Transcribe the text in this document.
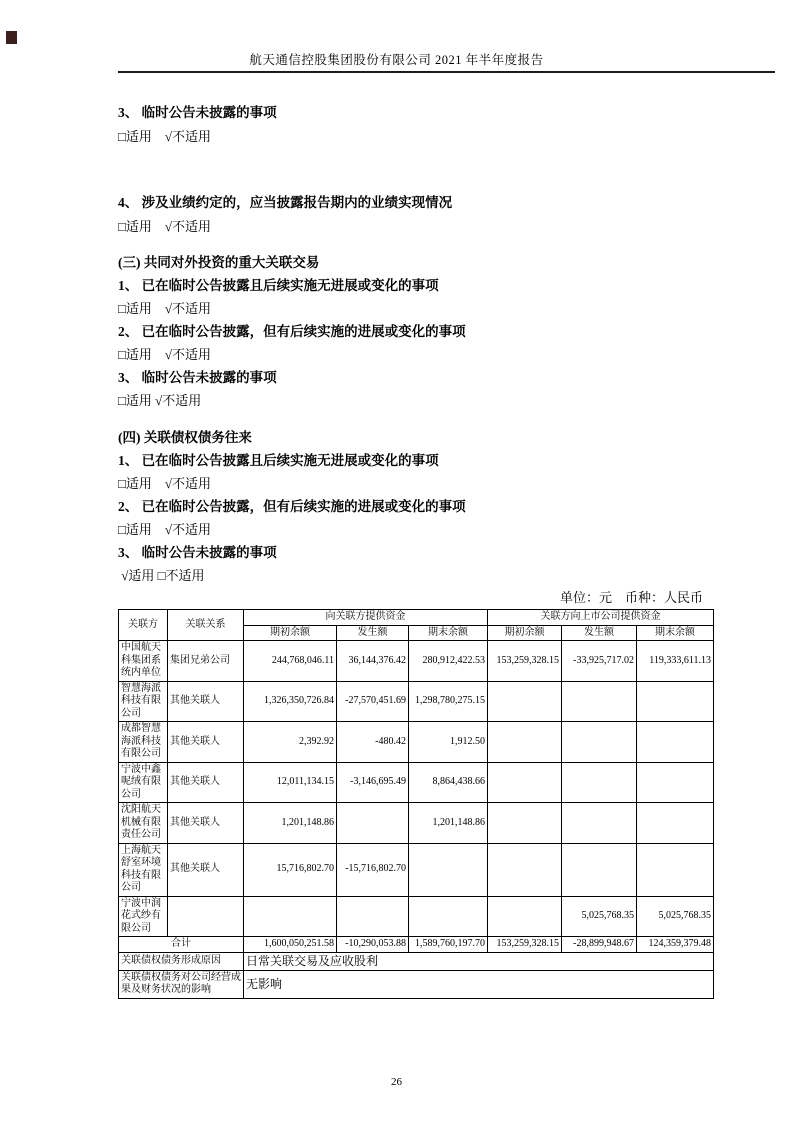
航天通信控股集团股份有限公司 2021 年半年度报告
3、 临时公告未披露的事项
□适用　√不适用
4、 涉及业绩约定的，应当披露报告期内的业绩实现情况
□适用　√不适用
(三) 共同对外投资的重大关联交易
1、 已在临时公告披露且后续实施无进展或变化的事项
□适用　√不适用
2、 已在临时公告披露，但有后续实施的进展或变化的事项
□适用　√不适用
3、 临时公告未披露的事项
□适用 √不适用
(四) 关联债权债务往来
1、 已在临时公告披露且后续实施无进展或变化的事项
□适用　√不适用
2、 已在临时公告披露，但有后续实施的进展或变化的事项
□适用　√不适用
3、 临时公告未披露的事项
√适用 □不适用
单位：元　币种：人民币
关联方	关联关系	向关联方提供资金			关联方向上市公司提供资金		
		期初余额	发生额	期末余额	期初余额	发生额	期末余额
中国航天科集团系统内单位	集团兄弟公司	244,768,046.11	36,144,376.42	280,912,422.53	153,259,328.15	-33,925,717.02	119,333,611.13
智慧海派科技有限公司	其他关联人	1,326,350,726.84	-27,570,451.69	1,298,780,275.15			
成都智慧海派科技有限公司	其他关联人	2,392.92	-480.42	1,912.50			
宁波中鑫呢绒有限公司	其他关联人	12,011,134.15	-3,146,695.49	8,864,438.66			
沈阳航天机械有限责任公司	其他关联人	1,201,148.86		1,201,148.86			
上海航天舒室环境科技有限公司	其他关联人	15,716,802.70	-15,716,802.70				
宁波中润花式纱有限公司						5,025,768.35	5,025,768.35
合计		1,600,050,251.58	-10,290,053.88	1,589,760,197.70	153,259,328.15	-28,899,948.67	124,359,379.48
关联债权债务形成原因		日常关联交易及应收股利					
关联债权债务对公司经营成果及财务状况的影响		无影响					
26
